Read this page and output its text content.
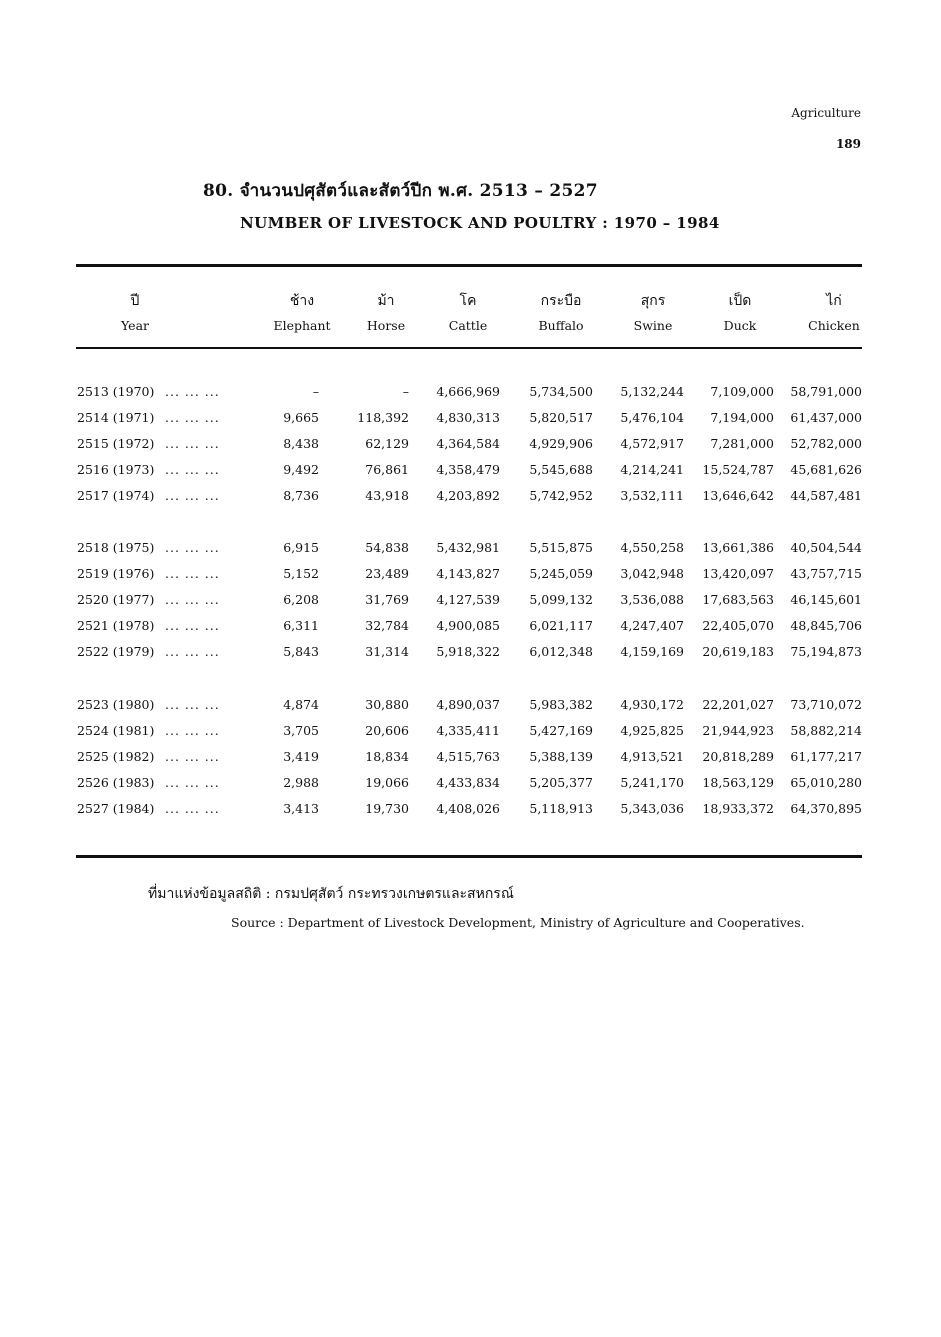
Agriculture
189
80. จำนวนปศุสัตว์และสัตว์ปีก พ.ศ. 2513 – 2527
NUMBER OF LIVESTOCK AND POULTRY : 1970 – 1984
ปี
Year
ช้าง
Elephant
ม้า
Horse
โค
Cattle
กระบือ
Buffalo
สุกร
Swine
เป็ด
Duck
ไก่
Chicken
2513 (1970) ... ... ...	–	– 4,666,969 5,734,500 5,132,244 7,109,000 58,791,000
2514 (1971) ... ... ...	9,665	118,392 4,830,313 5,820,517 5,476,104 7,194,000 61,437,000
2515 (1972) ... ... ...	8,438	62,129 4,364,584 4,929,906 4,572,917 7,281,000 52,782,000
2516 (1973) ... ... ...	9,492	76,861 4,358,479 5,545,688 4,214,241 15,524,787 45,681,626
2517 (1974) ... ... ...	8,736	43,918 4,203,892 5,742,952 3,532,111 13,646,642 44,587,481
2518 (1975) ... ... ...	6,915	54,838 5,432,981 5,515,875 4,550,258 13,661,386 40,504,544
2519 (1976) ... ... ...	5,152	23,489 4,143,827 5,245,059 3,042,948 13,420,097 43,757,715
2520 (1977) ... ... ...	6,208	31,769 4,127,539 5,099,132 3,536,088 17,683,563 46,145,601
2521 (1978) ... ... ...	6,311	32,784 4,900,085 6,021,117 4,247,407 22,405,070 48,845,706
2522 (1979) ... ... ...	5,843	31,314 5,918,322 6,012,348 4,159,169 20,619,183 75,194,873
2523 (1980) ... ... ...	4,874	30,880 4,890,037 5,983,382 4,930,172 22,201,027 73,710,072
2524 (1981) ... ... ...	3,705	20,606 4,335,411 5,427,169 4,925,825 21,944,923 58,882,214
2525 (1982) ... ... ...	3,419	18,834 4,515,763 5,388,139 4,913,521 20,818,289 61,177,217
2526 (1983) ... ... ...	2,988	19,066 4,433,834 5,205,377 5,241,170 18,563,129 65,010,280
2527 (1984) ... ... ...	3,413	19,730 4,408,026 5,118,913 5,343,036 18,933,372 64,370,895
ที่มาแห่งข้อมูลสถิติ : กรมปศุสัตว์ กระทรวงเกษตรและสหกรณ์
Source : Department of Livestock Development, Ministry of Agriculture and Cooperatives.
